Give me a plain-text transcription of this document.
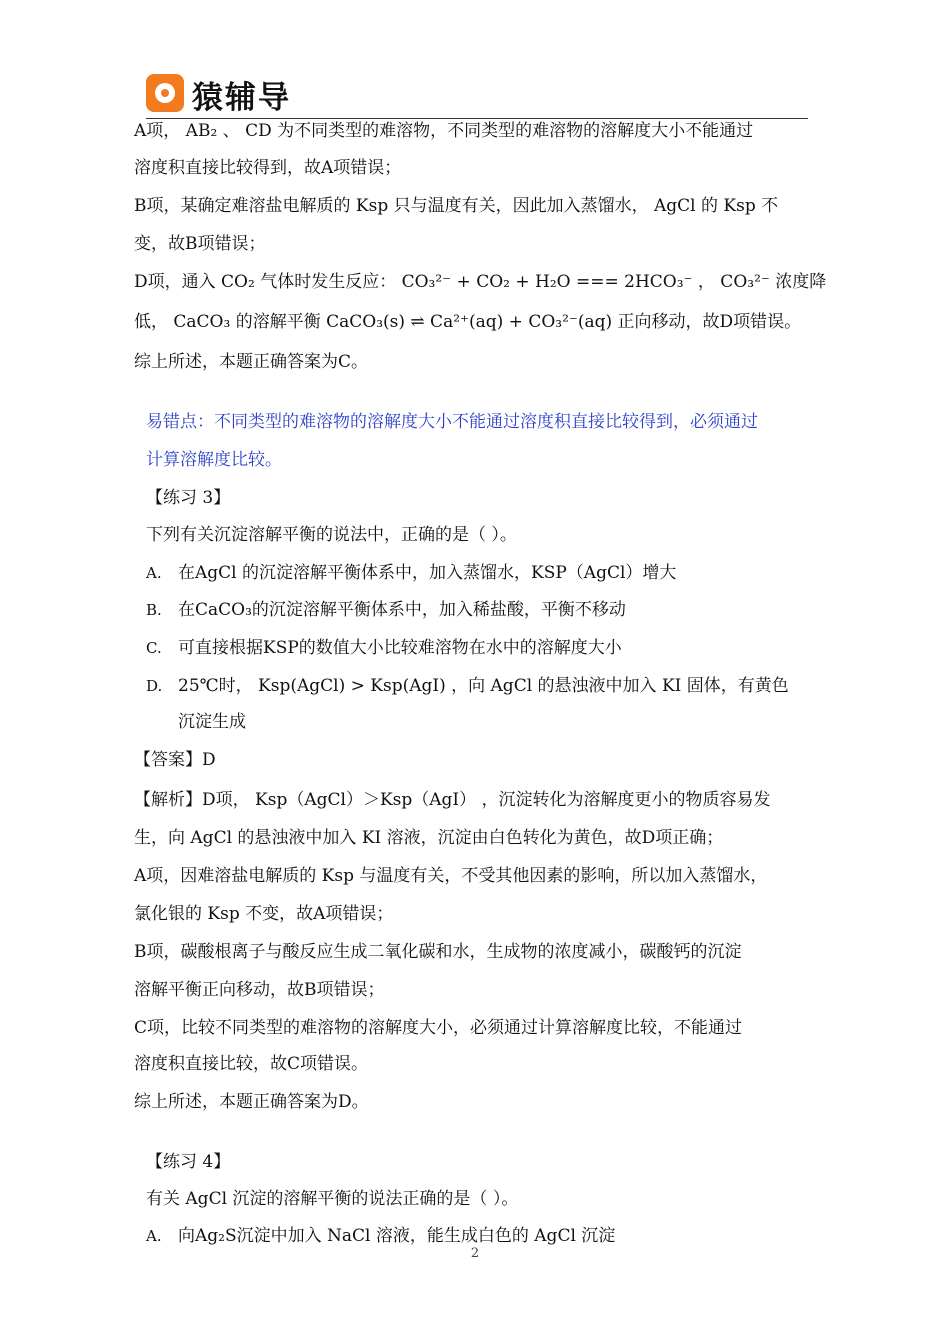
猿辅导
A项， AB₂ 、 CD 为不同类型的难溶物，不同类型的难溶物的溶解度大小不能通过
溶度积直接比较得到，故A项错误；
B项，某确定难溶盐电解质的 Ksp 只与温度有关，因此加入蒸馏水， AgCl 的 Ksp 不
变，故B项错误；
D项，通入 CO₂ 气体时发生反应： CO₃²⁻ + CO₂ + H₂O === 2HCO₃⁻ ， CO₃²⁻ 浓度降
低， CaCO₃ 的溶解平衡 CaCO₃(s) ⇌ Ca²⁺(aq) + CO₃²⁻(aq) 正向移动，故D项错误。
综上所述，本题正确答案为C。
易错点：不同类型的难溶物的溶解度大小不能通过溶度积直接比较得到，必须通过
计算溶解度比较。
【练习 3】
下列有关沉淀溶解平衡的说法中，正确的是（ ）。
A. 在AgCl 的沉淀溶解平衡体系中，加入蒸馏水，KSP（AgCl）增大
B. 在CaCO₃的沉淀溶解平衡体系中，加入稀盐酸，平衡不移动
C. 可直接根据KSP的数值大小比较难溶物在水中的溶解度大小
D. 25℃时， Ksp(AgCl) > Ksp(AgI) ，向 AgCl 的悬浊液中加入 KI 固体，有黄色
沉淀生成
【答案】D
【解析】D项， Ksp（AgCl）＞Ksp（AgI） ，沉淀转化为溶解度更小的物质容易发
生，向 AgCl 的悬浊液中加入 KI 溶液，沉淀由白色转化为黄色，故D项正确；
A项，因难溶盐电解质的 Ksp 与温度有关，不受其他因素的影响，所以加入蒸馏水，
氯化银的 Ksp 不变，故A项错误；
B项，碳酸根离子与酸反应生成二氧化碳和水，生成物的浓度减小，碳酸钙的沉淀
溶解平衡正向移动，故B项错误；
C项，比较不同类型的难溶物的溶解度大小，必须通过计算溶解度比较，不能通过
溶度积直接比较，故C项错误。
综上所述，本题正确答案为D。
【练习 4】
有关 AgCl 沉淀的溶解平衡的说法正确的是（ ）。
A. 向Ag₂S沉淀中加入 NaCl 溶液，能生成白色的 AgCl 沉淀
2
